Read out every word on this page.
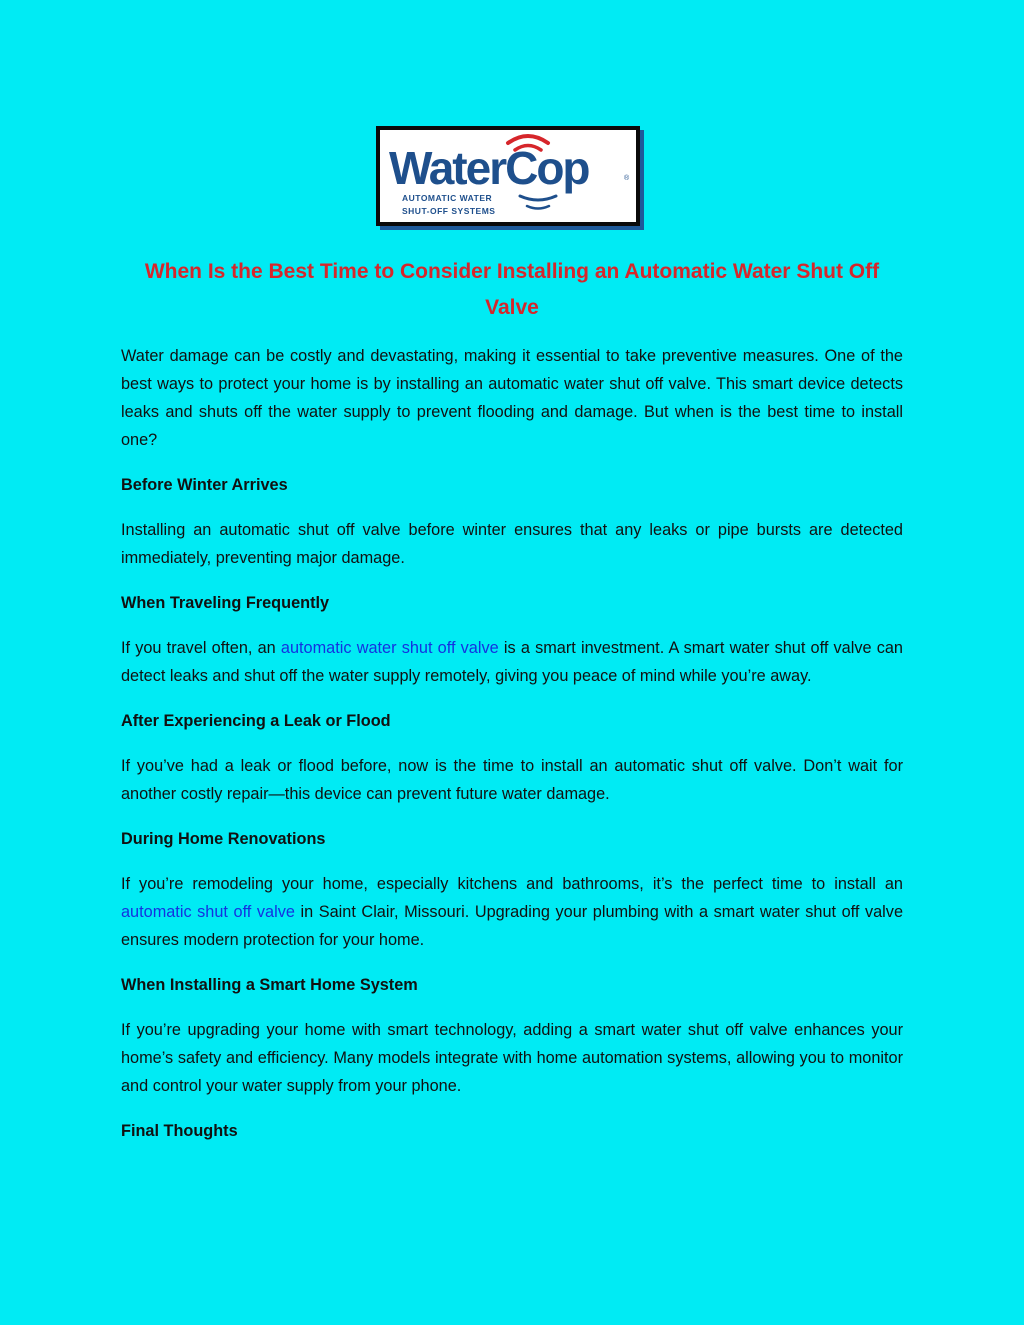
WaterCop	®
AUTOMATIC WATER
SHUT-OFF SYSTEMS
When Is the Best Time to Consider Installing an Automatic Water Shut Off Valve

Water damage can be costly and devastating, making it essential to take preventive measures. One of the best ways to protect your home is by installing an automatic water shut off valve. This smart device detects leaks and shuts off the water supply to prevent flooding and damage. But when is the best time to install one?

Before Winter Arrives

Installing an automatic shut off valve before winter ensures that any leaks or pipe bursts are detected immediately, preventing major damage.

When Traveling Frequently

If you travel often, an automatic water shut off valve is a smart investment. A smart water shut off valve can detect leaks and shut off the water supply remotely, giving you peace of mind while you’re away.

After Experiencing a Leak or Flood

If you’ve had a leak or flood before, now is the time to install an automatic shut off valve. Don’t wait for another costly repair—this device can prevent future water damage.

During Home Renovations

If you’re remodeling your home, especially kitchens and bathrooms, it’s the perfect time to install an automatic shut off valve in Saint Clair, Missouri. Upgrading your plumbing with a smart water shut off valve ensures modern protection for your home.

When Installing a Smart Home System

If you’re upgrading your home with smart technology, adding a smart water shut off valve enhances your home’s safety and efficiency. Many models integrate with home automation systems, allowing you to monitor and control your water supply from your phone.

Final Thoughts
